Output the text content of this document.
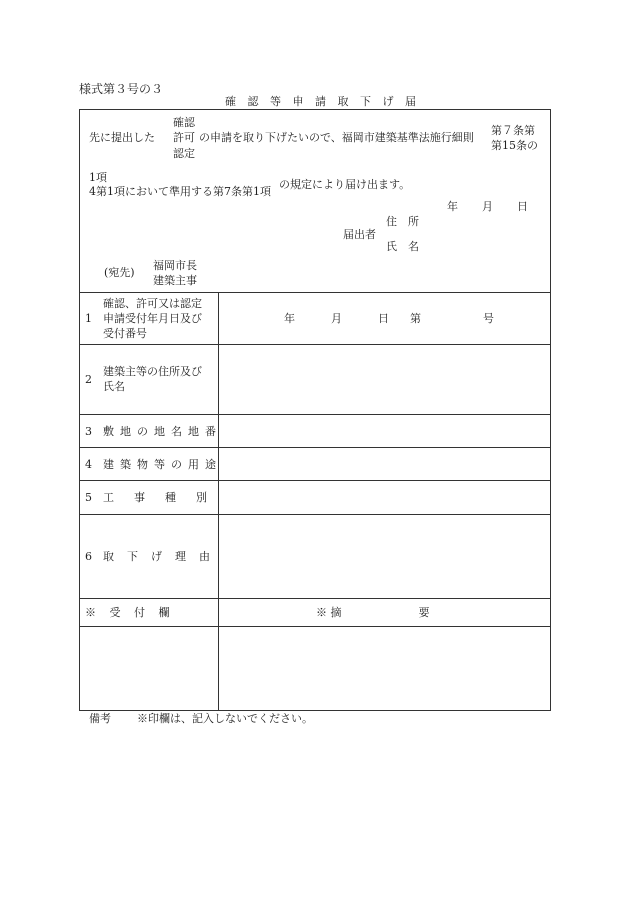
様式第３号の３
確 認 等 申 請 取 下 げ 届
確認
先に提出した 許可 の申請を取り下げたいので、福岡市建築基準法施行細則
認定
第７条第
第15条の
1項
4第1項において準用する第7条第1項
の規定により届け出ます。
年 月 日
住　所
届出者
氏　名
(宛先)
福岡市長
建築主事
1
確認、許可又は認定
申請受付年月日及び
受付番号
年	月	日 第	号
2
建築主等の住所及び
氏名
3 敷地の地名地番
4 建築物等の用途
5 工事種別
6 取下げ理由
※ 受 付 欄	※ 摘　　　　　　　要
備考 ※印欄は、記入しないでください。
